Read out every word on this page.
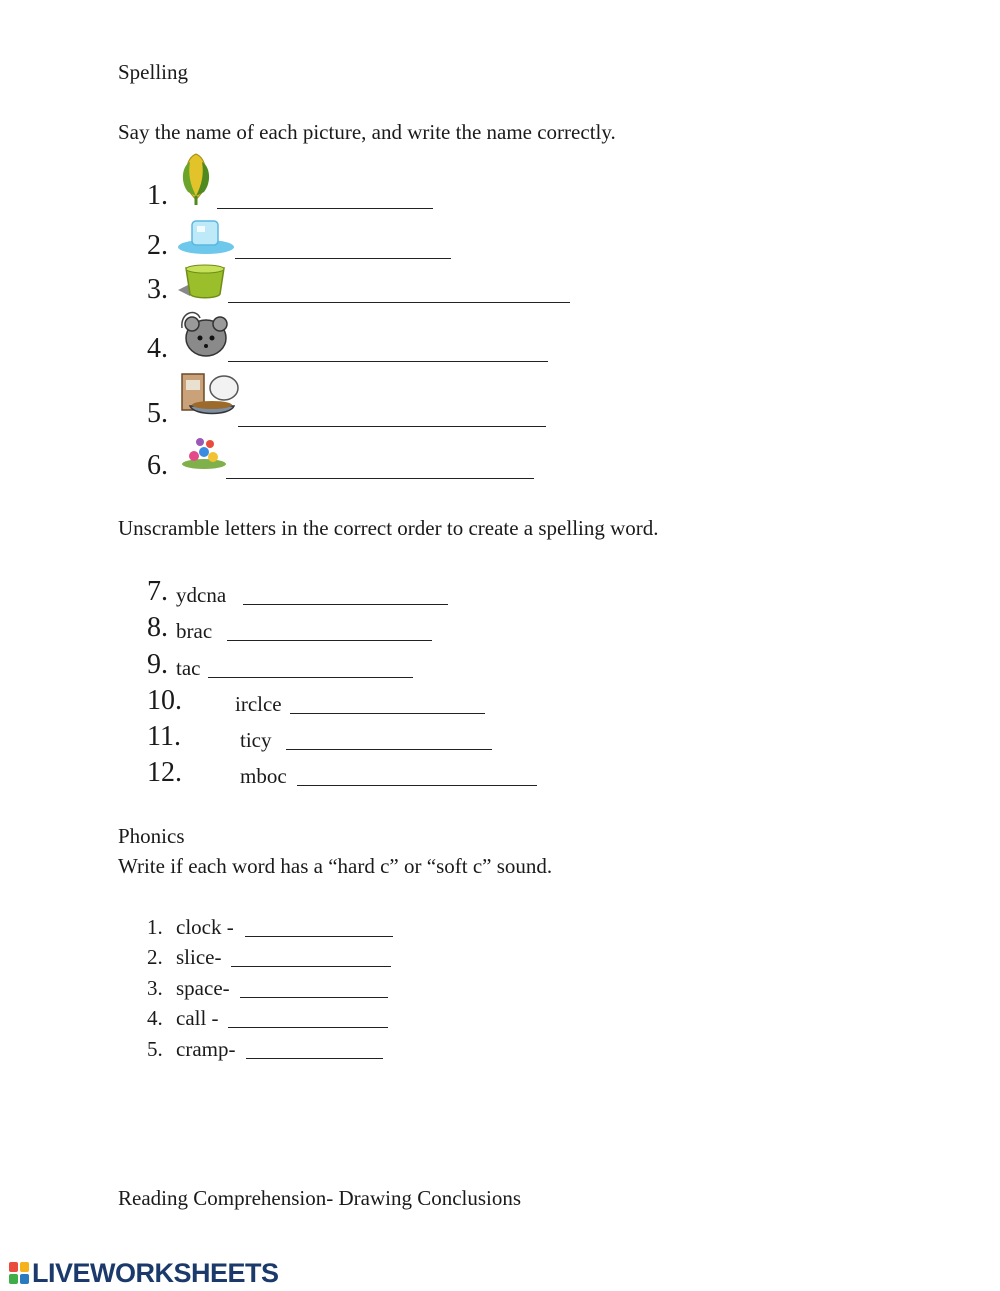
Spelling
Say the name of each picture, and write the name correctly.
1.
2.
3.
4.
5.
6.
Unscramble letters in the correct order to create a spelling word.
7. ydcna
8. brac
9. tac
10.	irclce
11.	ticy
12.	mboc
Phonics
Write if each word has a “hard c” or “soft c” sound.
1. clock -
2. slice-
3. space-
4. call -
5. cramp-
Reading Comprehension- Drawing Conclusions
LIVEWORKSHEETS
